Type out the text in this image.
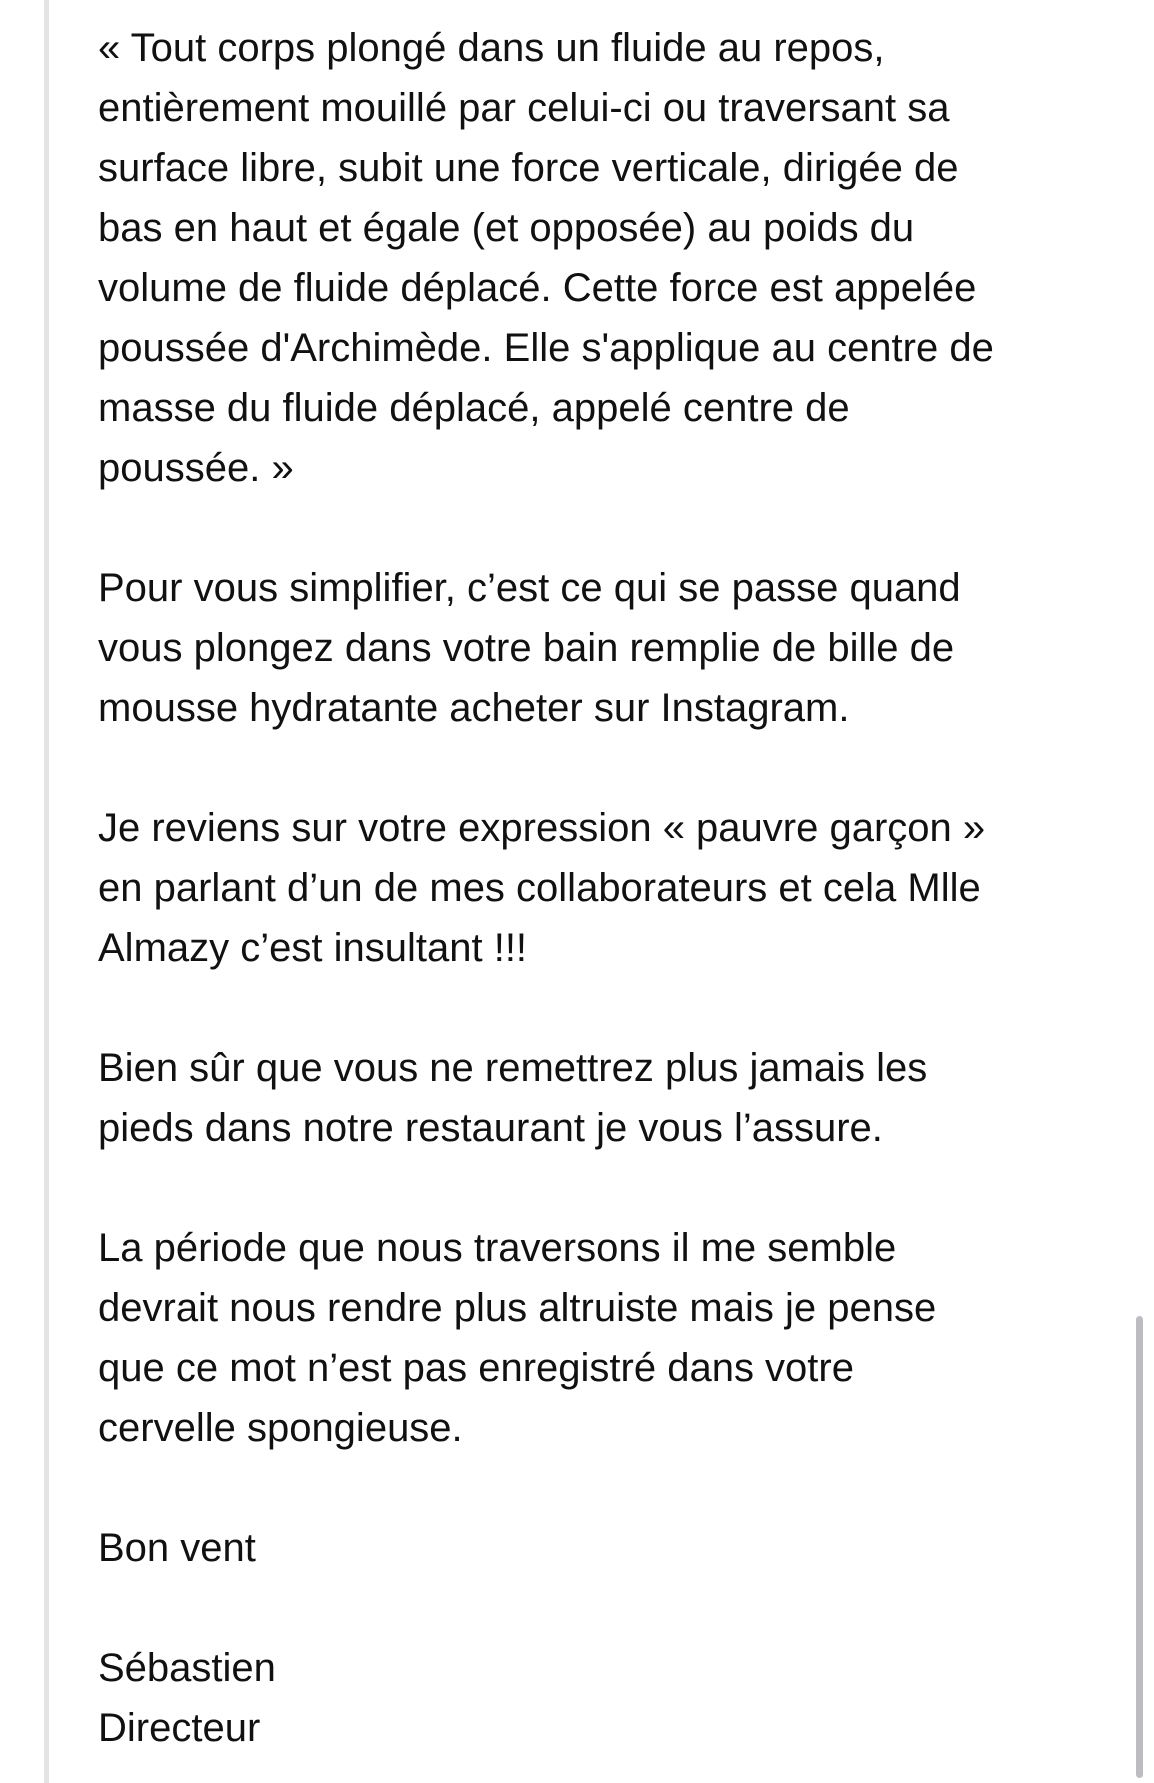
« Tout corps plongé dans un fluide au repos,
entièrement mouillé par celui-ci ou traversant sa
surface libre, subit une force verticale, dirigée de
bas en haut et égale (et opposée) au poids du
volume de fluide déplacé. Cette force est appelée
poussée d'Archimède. Elle s'applique au centre de
masse du fluide déplacé, appelé centre de
poussée. »

Pour vous simplifier, c’est ce qui se passe quand
vous plongez dans votre bain remplie de bille de
mousse hydratante acheter sur Instagram.

Je reviens sur votre expression « pauvre garçon »
en parlant d’un de mes collaborateurs et cela Mlle
Almazy c’est insultant !!!

Bien sûr que vous ne remettrez plus jamais les
pieds dans notre restaurant je vous l’assure.

La période que nous traversons il me semble
devrait nous rendre plus altruiste mais je pense
que ce mot n’est pas enregistré dans votre
cervelle spongieuse.

Bon vent

Sébastien

Directeur
